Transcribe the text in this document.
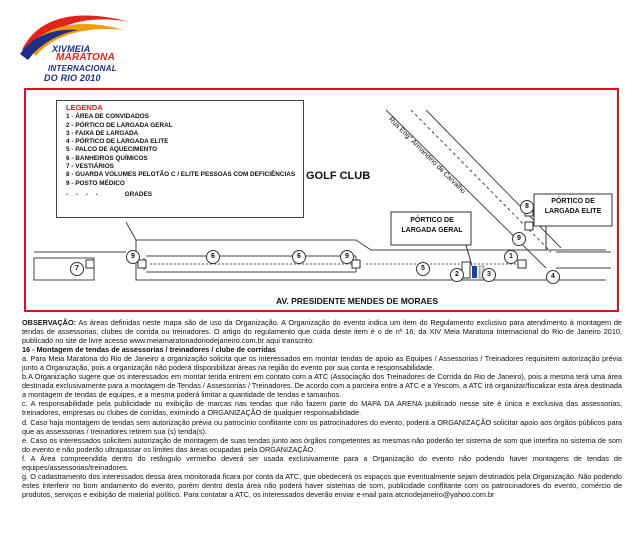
XIVMEIA
MARATONA
INTERNACIONAL
DO RIO 2010
LEGENDA
1 - ÁREA DE CONVIDADOS
2 - PÓRTICO DE LARGADA GERAL
3 - FAIXA DE LARGADA
4 - PÓRTICO DE LARGADA ELITE
5 - PALCO DE AQUECIMENTO
6 - BANHEIROS QUÍMICOS
7 - VESTIÁRIOS
8 - GUARDA VOLUMES PELOTÃO C / ELITE PESSOAS COM DEFICIÊNCIAS
9 - POSTO MÉDICO
- - - -	GRADES
GOLF CLUB Rua Eng° Armandino de Carvalho
AV. PRESIDENTE MENDES DE MORAES
PÓRTICO DE
LARGADA GERAL
PÓRTICO DE
LARGADA ELITE
7
9	6	6	9
5
2	3
1
9
8
4

OBSERVAÇÃO: As áreas definidas neste mapa são de uso da Organização. A Organização do evento indica um item do Regulamento exclusivo para atendimento à montagem de tendas de assessorias, clubes de corrida ou treinadores. O artigo do regulamento que cuida deste item é o de nº 16, da XIV Meia Maratona Internacional do Rio de Janeiro 2010, publicado no site de livre acesso www.meiamaratonadoriodejaneiro.com.br aqui transcrito:

16 - Montagem de tendas de assessorias / treinadores / clube de corridas

a. Para Meia Maratona do Rio de Janeiro a organização solicita que os interessados em montar tendas de apoio as Equipes / Assessorias / Treinadores requisitem autorização prévia junto a Organização, pois a organização não poderá disponibilizar áreas na região do evento por sua conta e responsabilidade.

b.A Organização sugere que os interessados em montar tenda entrem em contato com a ATC (Associação dos Treinadores de Corrida do Rio de Janeiro), pois a mesma terá uma área destinada exclusivamente para a montagem de Tendas / Assessorias / Treinadores. De acordo com a parceira entre a ATC e a Yescom, a ATC irá organizar/fiscalizar esta área destinada a montagem de tendas de equipes, e a mesma poderá limitar a quantidade de tendas e tamanhos.

c. A responsabilidade pela publicidade ou exibição de marcas nas tendas que não fazem parte do MAPA DA ARENA publicado nesse site é única e exclusiva das assessorias, treinadores, empresas ou clubes de corridas, eximindo a ORGANIZAÇÃO de qualquer responsabilidade.

d. Caso haja montagem de tendas sem autorização prévia ou patrocínio conflitante com os patrocinadores do evento, poderá a ORGANIZAÇÃO solicitar apoio aos órgãos públicos para que as assessorias / treinadores retirem sua (s) tenda(s).

e. Caso os interessados solicitem autorização de montagem de suas tendas junto aos órgãos competentes as mesmas não poderão ter sistema de som que interfira no sistema de som do evento e não poderão ultrapassar os limites das áreas ocupadas pela ORGANIZAÇÃO.

f. A Área compreendida dentro do retângulo vermelho deverá ser usada exclusivamente para a Organização do evento não podendo haver montagens de tendas de equipes/assessorias/treinadores.

g. O cadastramento dos interessados dessa área monitorada ficara por conta da ATC, que obedecerá os espaços que eventualmente sejam destinados pela Organização. Não podendo estes interferir no bom andamento do evento, porém dentro desta área não poderá haver sistemas de som, publicidade conflitante com os patrocinadores do evento, comércio de produtos, serviços e exibição de material político. Para contatar a ATC, os interessados deverão enviar e-mail para atcriodejaneiro@yahoo.com.br
